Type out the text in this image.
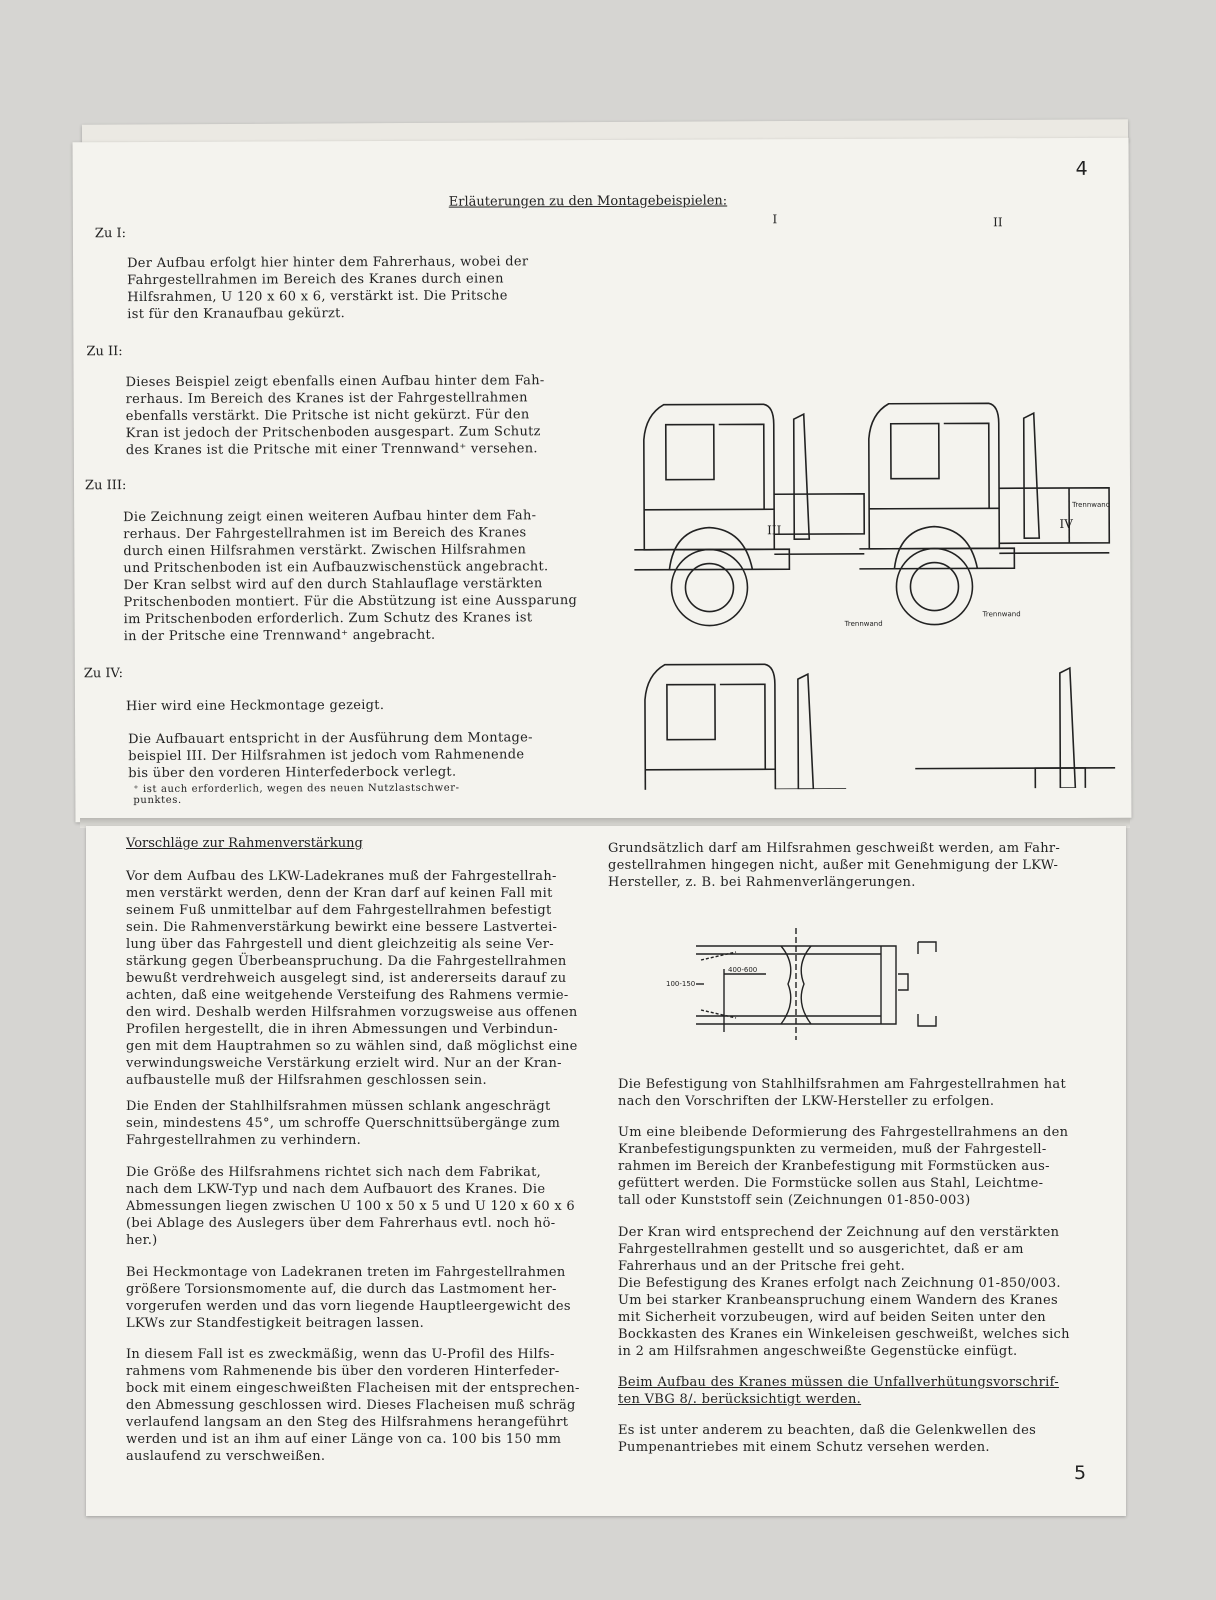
4
Erläuterungen zu den Montagebeispielen:
Zu I:

Der Aufbau erfolgt hier hinter dem Fahrerhaus, wobei der
Fahrgestellrahmen im Bereich des Kranes durch einen
Hilfsrahmen, U 120 x 60 x 6, verstärkt ist. Die Pritsche
ist für den Kranaufbau gekürzt.

Zu II:

Dieses Beispiel zeigt ebenfalls einen Aufbau hinter dem Fah-
rerhaus. Im Bereich des Kranes ist der Fahrgestellrahmen
ebenfalls verstärkt. Die Pritsche ist nicht gekürzt. Für den
Kran ist jedoch der Pritschenboden ausgespart. Zum Schutz
des Kranes ist die Pritsche mit einer Trennwand⁺ versehen.

Zu III:

Die Zeichnung zeigt einen weiteren Aufbau hinter dem Fah-
rerhaus. Der Fahrgestellrahmen ist im Bereich des Kranes
durch einen Hilfsrahmen verstärkt. Zwischen Hilfsrahmen
und Pritschenboden ist ein Aufbauzwischenstück angebracht.
Der Kran selbst wird auf den durch Stahlauflage verstärkten
Pritschenboden montiert. Für die Abstützung ist eine Aussparung
im Pritschenboden erforderlich. Zum Schutz des Kranes ist
in der Pritsche eine Trennwand⁺ angebracht.

Zu IV:

Hier wird eine Heckmontage gezeigt.

Die Aufbauart entspricht in der Ausführung dem Montage-
beispiel III. Der Hilfsrahmen ist jedoch vom Rahmenende
bis über den vorderen Hinterfederbock verlegt.

⁺ ist auch erforderlich, wegen des neuen Nutzlastschwer-
punktes.
I	II
III	IV
Trennwand
Trennwand
Trennwand
Vorschläge zur Rahmenverstärkung

Vor dem Aufbau des LKW-Ladekranes muß der Fahrgestellrah-
men verstärkt werden, denn der Kran darf auf keinen Fall mit
seinem Fuß unmittelbar auf dem Fahrgestellrahmen befestigt
sein. Die Rahmenverstärkung bewirkt eine bessere Lastvertei-
lung über das Fahrgestell und dient gleichzeitig als seine Ver-
stärkung gegen Überbeanspruchung. Da die Fahrgestellrahmen
bewußt verdrehweich ausgelegt sind, ist andererseits darauf zu
achten, daß eine weitgehende Versteifung des Rahmens vermie-
den wird. Deshalb werden Hilfsrahmen vorzugsweise aus offenen
Profilen hergestellt, die in ihren Abmessungen und Verbindun-
gen mit dem Hauptrahmen so zu wählen sind, daß möglichst eine
verwindungsweiche Verstärkung erzielt wird. Nur an der Kran-
aufbaustelle muß der Hilfsrahmen geschlossen sein.

Die Enden der Stahlhilfsrahmen müssen schlank angeschrägt
sein, mindestens 45°, um schroffe Querschnittsübergänge zum
Fahrgestellrahmen zu verhindern.

Die Größe des Hilfsrahmens richtet sich nach dem Fabrikat,
nach dem LKW-Typ und nach dem Aufbauort des Kranes. Die
Abmessungen liegen zwischen U 100 x 50 x 5 und U 120 x 60 x 6
(bei Ablage des Auslegers über dem Fahrerhaus evtl. noch hö-
her.)

Bei Heckmontage von Ladekranen treten im Fahrgestellrahmen
größere Torsionsmomente auf, die durch das Lastmoment her-
vorgerufen werden und das vorn liegende Hauptleergewicht des
LKWs zur Standfestigkeit beitragen lassen.

In diesem Fall ist es zweckmäßig, wenn das U-Profil des Hilfs-
rahmens vom Rahmenende bis über den vorderen Hinterfeder-
bock mit einem eingeschweißten Flacheisen mit der entsprechen-
den Abmessung geschlossen wird. Dieses Flacheisen muß schräg
verlaufend langsam an den Steg des Hilfsrahmens herangeführt
werden und ist an ihm auf einer Länge von ca. 100 bis 150 mm
auslaufend zu verschweißen.

Grundsätzlich darf am Hilfsrahmen geschweißt werden, am Fahr-
gestellrahmen hingegen nicht, außer mit Genehmigung der LKW-
Hersteller, z. B. bei Rahmenverlängerungen.

100-150
400-600

Die Befestigung von Stahlhilfsrahmen am Fahrgestellrahmen hat
nach den Vorschriften der LKW-Hersteller zu erfolgen.

Um eine bleibende Deformierung des Fahrgestellrahmens an den
Kranbefestigungspunkten zu vermeiden, muß der Fahrgestell-
rahmen im Bereich der Kranbefestigung mit Formstücken aus-
gefüttert werden. Die Formstücke sollen aus Stahl, Leichtme-
tall oder Kunststoff sein (Zeichnungen 01-850-003)

Der Kran wird entsprechend der Zeichnung auf den verstärkten
Fahrgestellrahmen gestellt und so ausgerichtet, daß er am
Fahrerhaus und an der Pritsche frei geht.
Die Befestigung des Kranes erfolgt nach Zeichnung 01-850/003.
Um bei starker Kranbeanspruchung einem Wandern des Kranes
mit Sicherheit vorzubeugen, wird auf beiden Seiten unter den
Bockkasten des Kranes ein Winkeleisen geschweißt, welches sich
in 2 am Hilfsrahmen angeschweißte Gegenstücke einfügt.

Beim Aufbau des Kranes müssen die Unfallverhütungsvorschrif-
ten VBG 8/. berücksichtigt werden.

Es ist unter anderem zu beachten, daß die Gelenkwellen des
Pumpenantriebes mit einem Schutz versehen werden.

5
